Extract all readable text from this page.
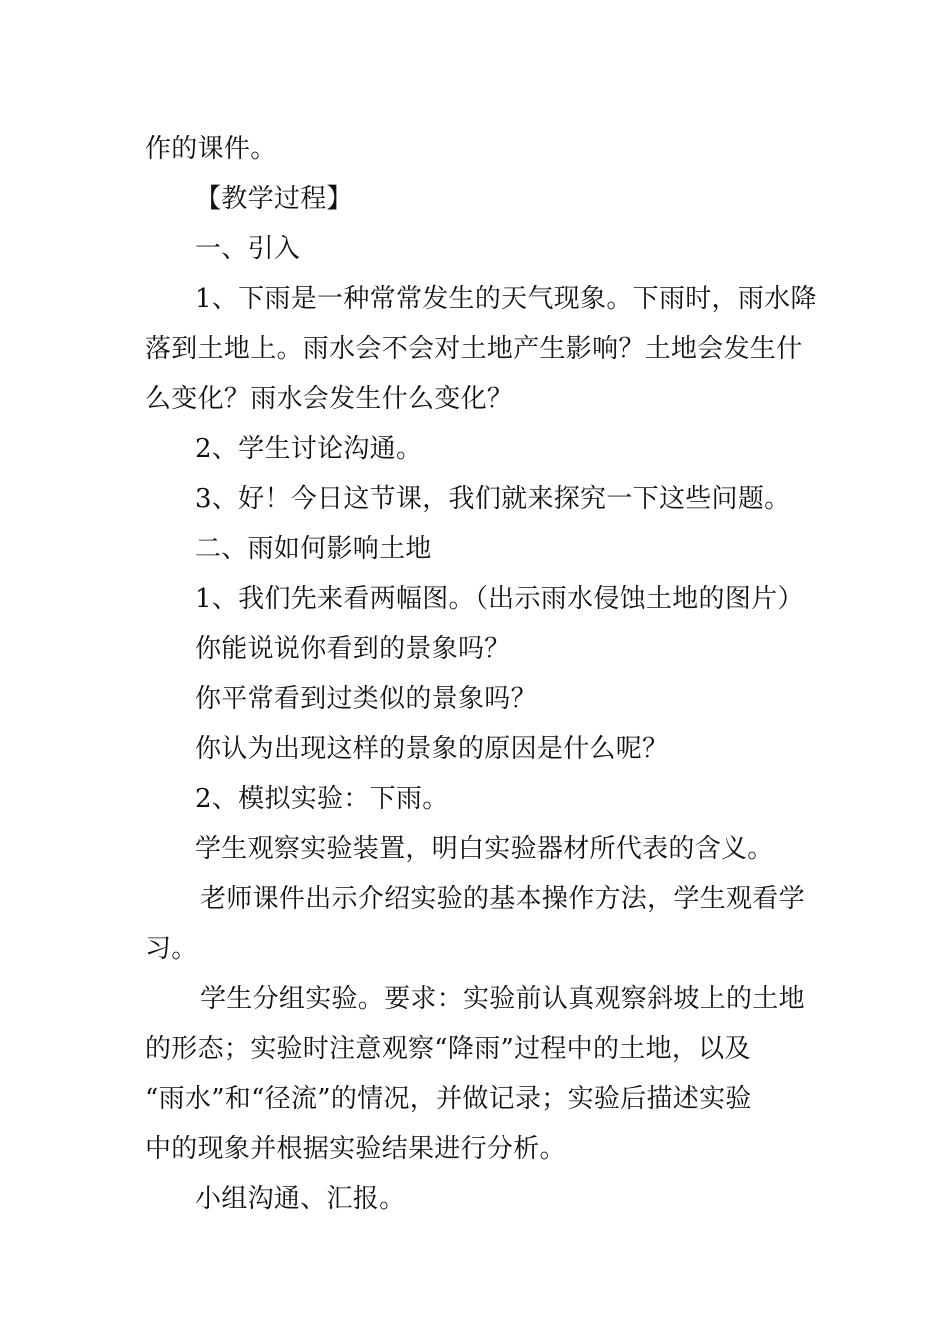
作的课件。
【教学过程】
一、引入
1、下雨是一种常常发生的天气现象。下雨时，雨水降
落到土地上。雨水会不会对土地产生影响？土地会发生什
么变化？雨水会发生什么变化？
2、学生讨论沟通。
3、好！今日这节课，我们就来探究一下这些问题。
二、雨如何影响土地
1、我们先来看两幅图。（出示雨水侵蚀土地的图片）
你能说说你看到的景象吗？
你平常看到过类似的景象吗？
你认为出现这样的景象的原因是什么呢？
2、模拟实验：下雨。
学生观察实验装置，明白实验器材所代表的含义。
老师课件出示介绍实验的基本操作方法，学生观看学
习。
学生分组实验。要求：实验前认真观察斜坡上的土地
的形态；实验时注意观察“降雨”过程中的土地，以及
“雨水”和“径流”的情况，并做记录；实验后描述实验
中的现象并根据实验结果进行分析。
小组沟通、汇报。
